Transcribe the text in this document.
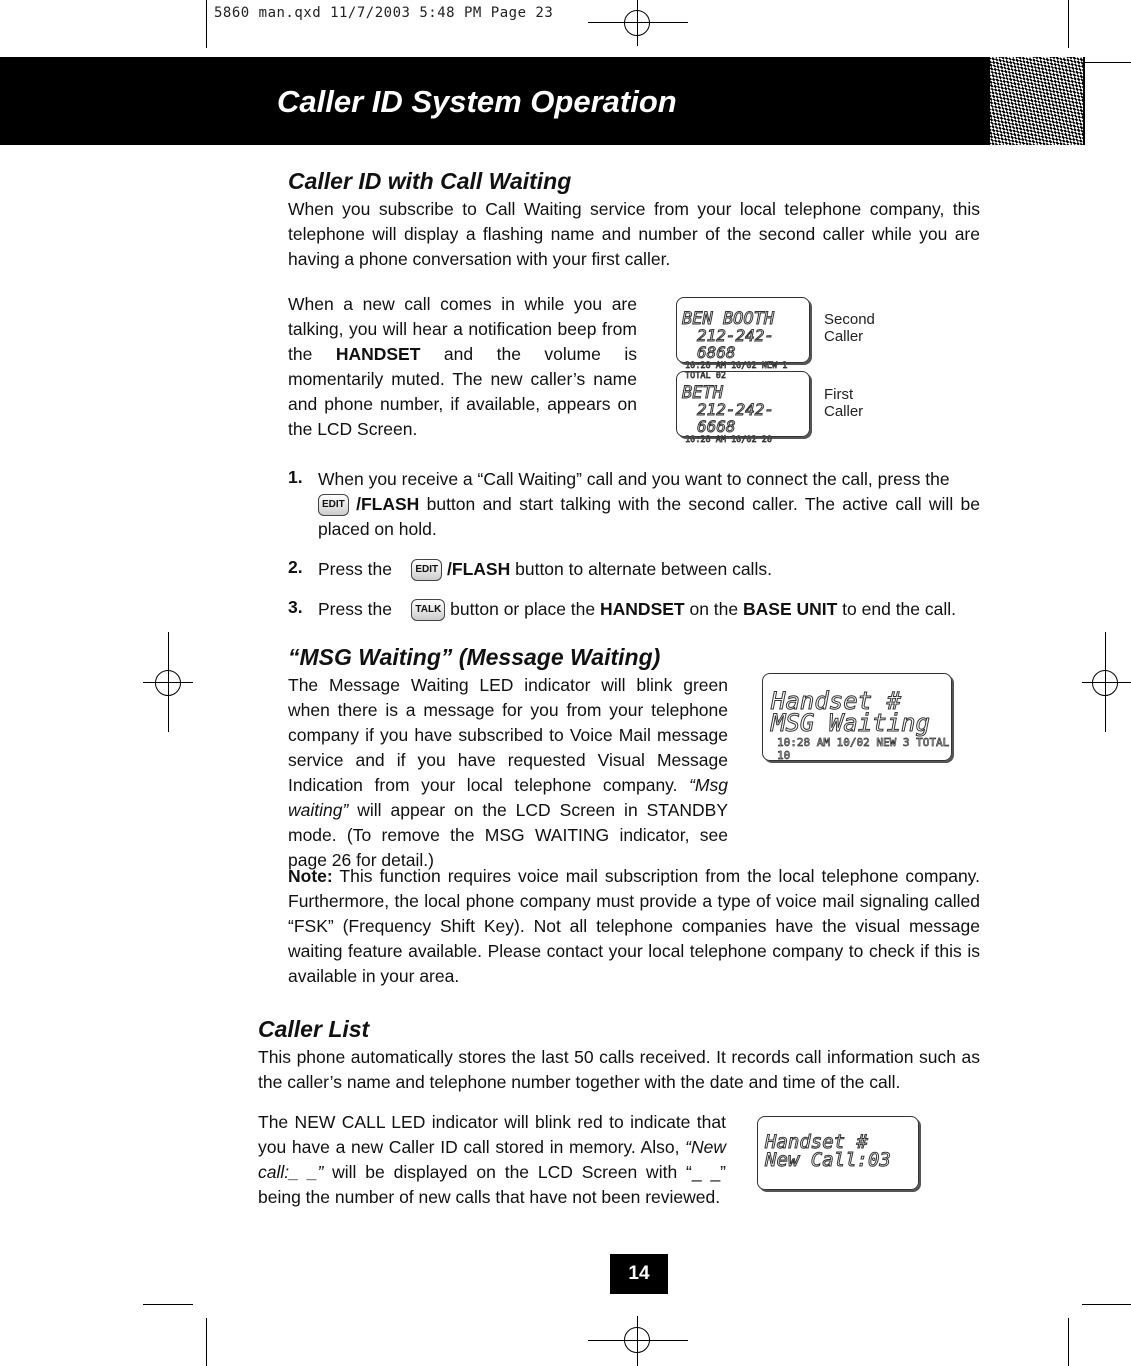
5860 man.qxd 11/7/2003 5:48 PM Page 23
Caller ID System Operation
Caller ID with Call Waiting
When you subscribe to Call Waiting service from your local telephone company, this telephone will display a flashing name and number of the second caller while you are having a phone conversation with your first caller.
When a new call comes in while you are talking, you will hear a notification beep from the HANDSET and the volume is momentarily muted. The new caller’s name and phone number, if available, appears on the LCD Screen.
BEN BOOTH
212-242-6868
10:28 AM 10/02 NEW 1 TOTAL 02
Second Caller
BETH
212-242-6668
10:28 AM 10/02 20
First Caller
1. When you receive a “Call Waiting” call and you want to connect the call, press the
EDIT /FLASH button and start talking with the second caller. The active call will be placed on hold.
2. Press the    EDIT /FLASH button to alternate between calls.
3. Press the    TALK button or place the HANDSET on the BASE UNIT to end the call.
“MSG Waiting” (Message Waiting)
The Message Waiting LED indicator will blink green when there is a message for you from your telephone company if you have subscribed to Voice Mail message service and if you have requested Visual Message Indication from your local telephone company. “Msg waiting” will appear on the LCD Screen in STANDBY mode. (To remove the MSG WAITING indicator, see page 26 for detail.)
Handset #
MSG Waiting
10:28 AM 10/02 NEW 3 TOTAL 10
Note: This function requires voice mail subscription from the local telephone company. Furthermore, the local phone company must provide a type of voice mail signaling called “FSK” (Frequency Shift Key). Not all telephone companies have the visual message waiting feature available. Please contact your local telephone company to check if this is available in your area.
Caller List
This phone automatically stores the last 50 calls received. It records call information such as the caller’s name and telephone number together with the date and time of the call.
The NEW CALL LED indicator will blink red to indicate that you have a new Caller ID call stored in memory. Also, “New call:_ _” will be displayed on the LCD Screen with “_ _” being the number of new calls that have not been reviewed.
Handset #
New Call:03
14
